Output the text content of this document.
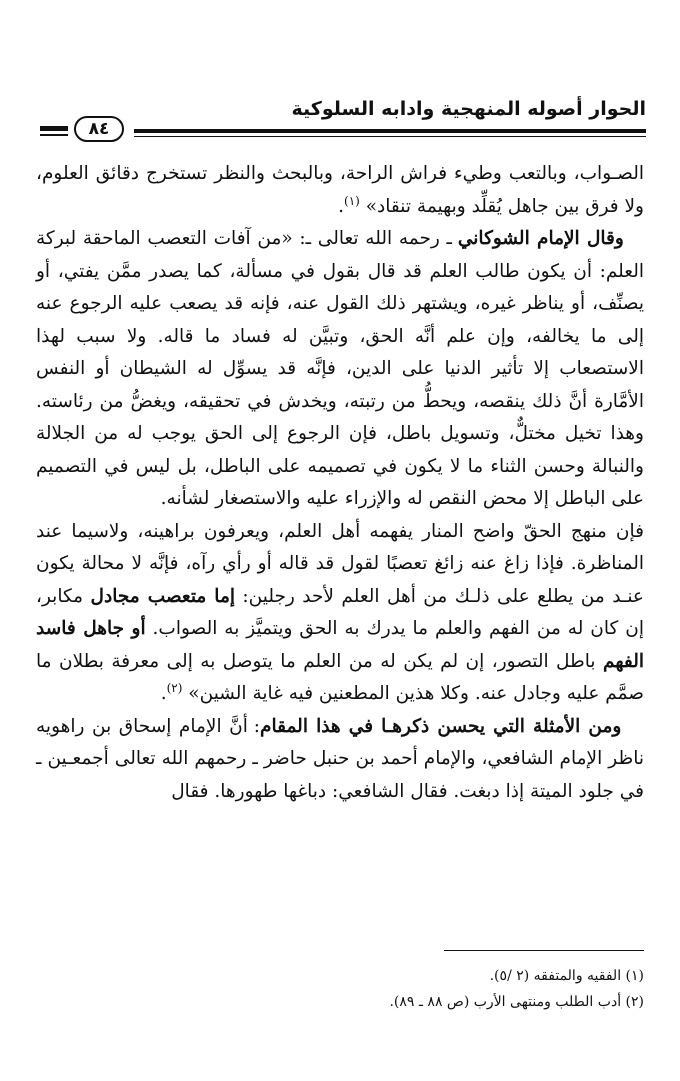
الحوار أصوله المنهجية وادابه السلوكية
٨٤

الصـواب، وبالتعب وطيء فراش الراحة، وبالبحث والنظر تستخرج دقائق العلوم، ولا فرق بين جاهل يُقلِّد وبهيمة تنقاد» $^{(١)}$.

وقال الإمام الشوكاني ـ رحمه الله تعالى ـ: «من آفات التعصب الماحقة لبركة العلم: أن يكون طالب العلم قد قال بقول في مسألة، كما يصدر ممَّن يفتي، أو يصنِّف، أو يناظر غيره، ويشتهر ذلك القول عنه، فإنه قد يصعب عليه الرجوع عنه إلى ما يخالفه، وإن علم أنَّه الحق، وتبيَّن له فساد ما قاله. ولا سبب لهذا الاستصعاب إلا تأثير الدنيا على الدين، فإنَّه قد يسوِّل له الشيطان أو النفس الأمَّارة أنَّ ذلك ينقصه، ويحطُّ من رتبته، ويخدش في تحقيقه، ويغضُّ من رئاسته. وهذا تخيل مختلٌّ، وتسويل باطل، فإن الرجوع إلى الحق يوجب له من الجلالة والنبالة وحسن الثناء ما لا يكون في تصميمه على الباطل، بل ليس في التصميم على الباطل إلا محض النقص له والإزراء عليه والاستصغار لشأنه.

فإن منهج الحقّ واضح المنار يفهمه أهل العلم، ويعرفون براهينه، ولاسيما عند المناظرة. فإذا زاغ عنه زائغ تعصبًا لقول قد قاله أو رأي رآه، فإنَّه لا محالة يكون عنـد من يطلع على ذلـك من أهل العلم لأحد رجلين: إما متعصب مجادل مكابر، إن كان له من الفهم والعلم ما يدرك به الحق ويتميَّز به الصواب. أو جاهل فاسد الفهم باطل التصور، إن لم يكن له من العلم ما يتوصل به إلى معرفة بطلان ما صمَّم عليه وجادل عنه. وكلا هذين المطعنين فيه غاية الشين» $^{(٢)}$.

ومن الأمثلة التي يحسن ذكرهـا في هذا المقام: أنَّ الإمام إسحاق بن راهويه ناظر الإمام الشافعي، والإمام أحمد بن حنبل حاضر ـ رحمهم الله تعالى أجمعـين ـ في جلود الميتة إذا دبغت. فقال الشافعي: دباغها طهورها. فقال

(١) الفقيه والمتفقه (٢ /٥).

(٢) أدب الطلب ومنتهى الأرب (ص ٨٨ ـ ٨٩).
